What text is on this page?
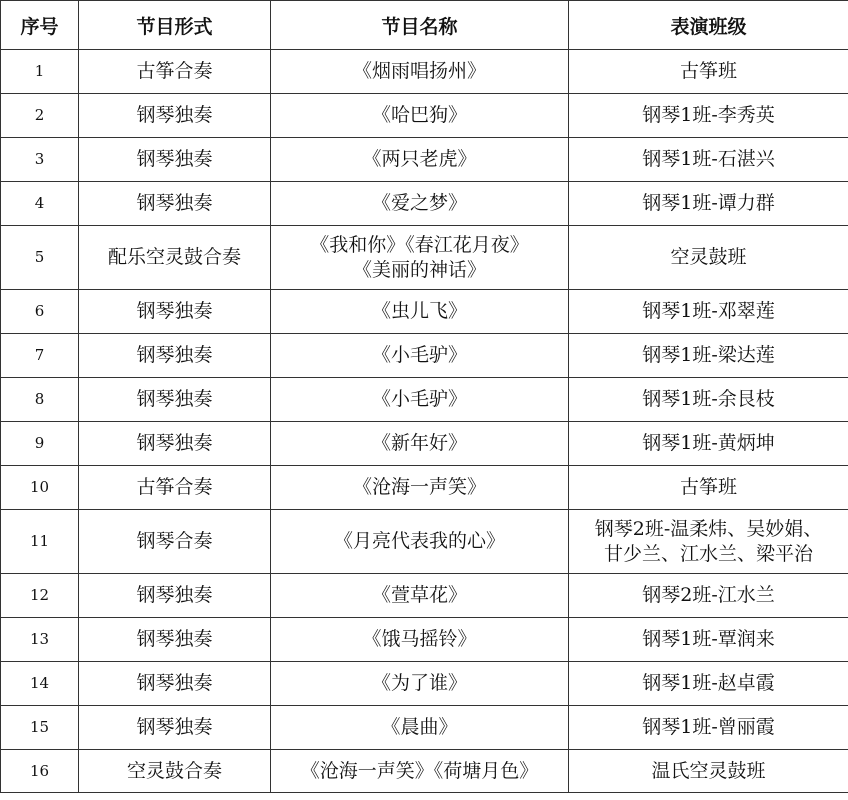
序号	节目形式	节目名称	表演班级
1	古筝合奏	《烟雨唱扬州》	古筝班

2	钢琴独奏	《哈巴狗》	钢琴1班-李秀英

3	钢琴独奏	《两只老虎》	钢琴1班-石湛兴

4	钢琴独奏	《爱之梦》	钢琴1班-谭力群

5	配乐空灵鼓合奏	《我和你》《春江花月夜》
《美丽的神话》	空灵鼓班

6	钢琴独奏	《虫儿飞》	钢琴1班-邓翠莲

7	钢琴独奏	《小毛驴》	钢琴1班-梁达莲

8	钢琴独奏	《小毛驴》	钢琴1班-余艮枝

9	钢琴独奏	《新年好》	钢琴1班-黄炳坤

10	古筝合奏	《沧海一声笑》	古筝班

11	钢琴合奏	《月亮代表我的心》	钢琴2班-温柔炜、吴妙娟、
甘少兰、江水兰、梁平治

12	钢琴独奏	《萱草花》	钢琴2班-江水兰

13	钢琴独奏	《饿马摇铃》	钢琴1班-覃润来

14	钢琴独奏	《为了谁》	钢琴1班-赵卓霞

15	钢琴独奏	《晨曲》	钢琴1班-曾丽霞

16	空灵鼓合奏	《沧海一声笑》《荷塘月色》	温氏空灵鼓班
